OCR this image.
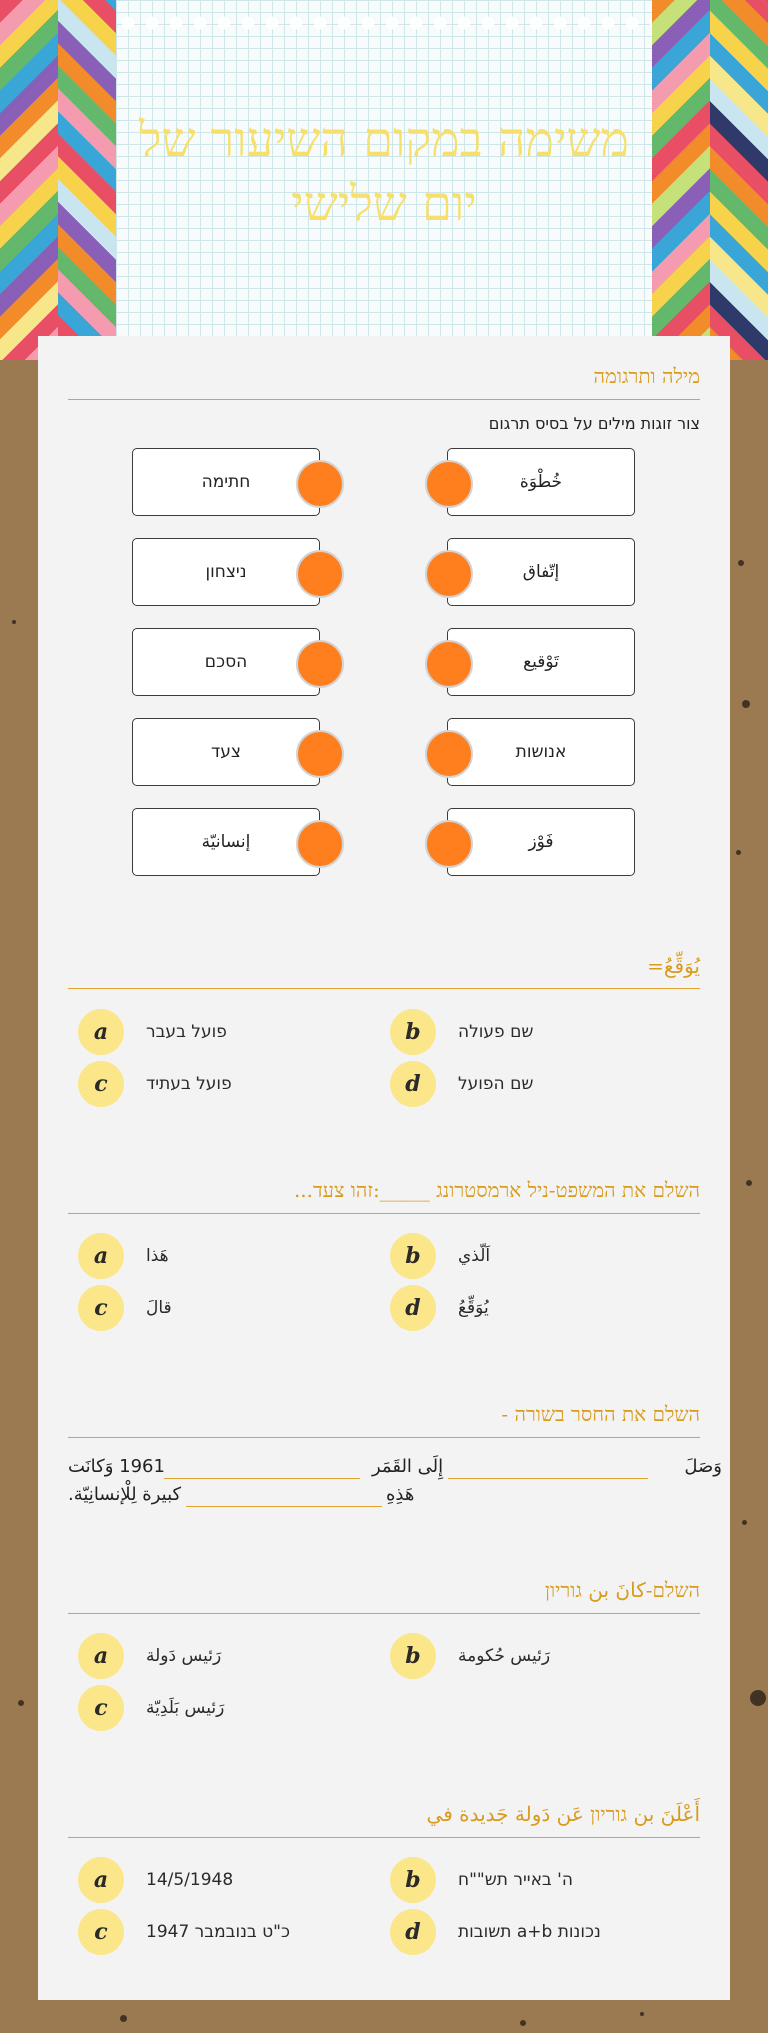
משימה במקום השיעור של
יום שלישי
מילה ותרגומה
צור זוגות מילים על בסיס תרגום
חתימה
ניצחון
הסכם
צעד
إنسانيّة
خُطْوَة
إتّفاق
تَوْقيع
אנושות
فَوْز
يُوَقِّعُ=
a	פועל בעבר	b	שם פעולה
c	פועל בעתיד	d	שם הפועל
השלם את המשפט-ניל ארמסטרונג _____:זהו צעד...
a	هَذا	b	اَلّذي
c	قالَ	d	يُوَقِّعُ
השלם את החסר בשורה -
وَصَلَ
إِلَى القَمَر
1961 وَكانَت
هَذِهِ
كبيرة لِلْإنسانِيّة.
השלם-كانَ بن גוריון
a	رَئيس دَولة	b	رَئيس حُكومة
c	رَئيس بَلَدِيّة
أَعْلَنَ بن גוריון عَن دَولة جَديدة في
a	14/5/1948	b	ה' באייר תש""ח
c	כ"ט בנובמבר 1947	d	נכונות a+b תשובות
